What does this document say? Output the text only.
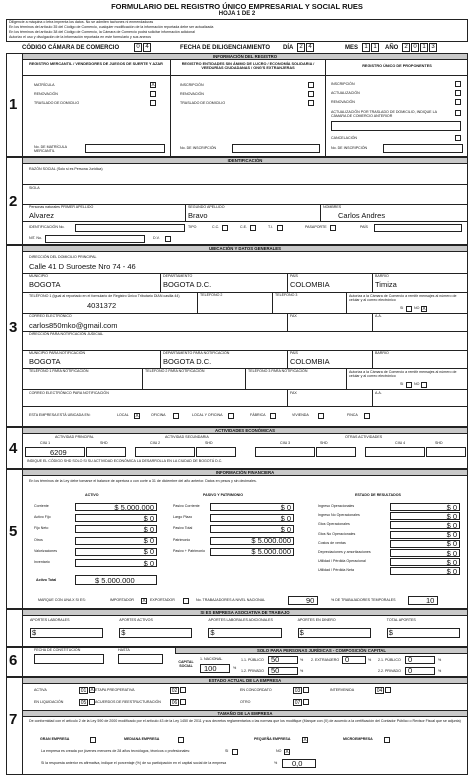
FORMULARIO DEL REGISTRO ÚNICO EMPRESARIAL Y SOCIAL RUES
HOJA 1 DE 2
Diligencie a máquina o letra imprenta los datos. No se admiten tachones ni enmendaduras
En los términos del artículo 35 del Código de Comercio, cualquier modificación de la información reportada debe ser actualizada
En los términos del artículo 38 del Código de Comercio, la Cámara de Comercio podrá solicitar información adicional
Autorizo el uso y divulgación de la información reportada en este formulario y sus anexos
CÓDIGO CÁMARA DE COMERCIO	0 4	FECHA DE DILIGENCIAMIENTO DÍA 2 4	MES	1 1	AÑO 2 0 1 3
1
INFORMACIÓN DEL REGISTRO
REGISTRO MERCANTIL / VENDEDORES DE JUEGOS DE SUERTE Y AZAR	REGISTRO ENTIDADES SIN ÁNIMO DE LUCRO / ECONOMÍA SOLIDARIA / VEEDURÍAS CIUDADANAS / ONG'S EXTRANJERAS	REGISTRO ÚNICO DE PROPONENTES
MATRÍCULA	X
RENOVACIÓN
TRASLADO DE DOMICILIO
INSCRIPCIÓN
RENOVACIÓN
TRASLADO DE DOMICILIO
INSCRIPCIÓN
ACTUALIZACIÓN
RENOVACIÓN
ACTUALIZACIÓN POR TRASLADO DE DOMICILIO, INDIQUE LA CÁMARA DE COMERCIO ANTERIOR
CANCELACIÓN
No. DE MATRÍCULA MERCANTIL
No. DE INSCRIPCIÓN	No. DE INSCRIPCIÓN
2
IDENTIFICACIÓN
RAZÓN SOCIAL (Solo si es Persona Jurídica)
SIGLA
Personas naturales PRIMER APELLIDO
Alvarez
SEGUNDO APELLIDO
Bravo
NOMBRES
Carlos Andres
IDENTIFICACIÓN No.	TIPO	C.C.	C.E.	T.I.	PASAPORTE	PAÍS
NIT. No.	D.V.
3
UBICACIÓN Y DATOS GENERALES
DIRECCIÓN DEL DOMICILIO PRINCIPAL
Calle 41 D Suroeste Nro 74 - 46
MUNICIPIO
BOGOTA
DEPARTAMENTO
BOGOTA D.C.
PAÍS
COLOMBIA
BARRIO
Timiza
TELÉFONO 1 (Igual al reportado en el formulario de Registro Único Tributario DIAN casilla 44)
4031372
TELÉFONO 2	TELÉFONO 3	Autoriza a la Cámara de Comercio a remitir mensajes al número de celular y al correo electrónico
SI	NO X
CORREO ELECTRÓNICO
carlos850mko@gmail.com
FAX	A.A.
DIRECCIÓN PARA NOTIFICACIÓN JUDICIAL
MUNICIPIO PARA NOTIFICACIÓN
BOGOTA
DEPARTAMENTO PARA NOTIFICACIÓN
BOGOTA D.C.
PAÍS
COLOMBIA
BARRIO
TELÉFONO 1 PARA NOTIFICACIÓN	TELÉFONO 2 PARA NOTIFICACIÓN	TELÉFONO 3 PARA NOTIFICACIÓN	Autoriza a la Cámara de Comercio a remitir mensajes al número de celular y al correo electrónico
SI	NO
CORREO ELECTRÓNICO PARA NOTIFICACIÓN	FAX	A.A.
ESTA EMPRESA ESTÁ UBICADA EN:	LOCAL X	OFICINA	LOCAL Y OFICINA	FÁBRICA	VIVIENDA	FINCA
4
ACTIVIDADES ECONÓMICAS
ACTIVIDAD PRINCIPAL	ACTIVIDAD SECUNDARIA	OTRAS ACTIVIDADES
CIIU 1	SHD	CIIU 2	SHD	CIIU 3	SHD	CIIU 4	SHD
6209
INDIQUE EL CÓDIGO SHD SOLO SI SU ACTIVIDAD ECONÓMICA LA DESARROLLA EN LA CIUDAD DE BOGOTÁ D.C.
5
INFORMACIÓN FINANCIERA
En los términos de la Ley debe tomarse el balance de apertura o con corte a 31 de diciembre del año anterior. Datos en pesos y sin decimales.
ACTIVO	PASIVO Y PATRIMONIO	ESTADO DE RESULTADOS
Activo Total	$ 5.000.000
MARQUE CON UNA X SI ES:	IMPORTADOR X	EXPORTADOR	No. TRABAJADORES A NIVEL NACIONAL	90	% DE TRABAJADORES TEMPORALES	10
SI ES EMPRESA ASOCIATIVA DE TRABAJO
6
FECHA DE CONSTITUCIÓN	HASTA	SOLO PARA PERSONAS JURÍDICAS - COMPOSICIÓN CAPITAL
CAPITAL SOCIAL
1. NACIONAL
100	%
1.1. PÚBLICO 50	%
1.2. PRIVADO 50	%
2. EXTRANJERO 0	% 2.1. PÚBLICO 0	%
2.2. PRIVADO 0	%
7
ESTADO ACTUAL DE LA EMPRESA
TAMAÑO DE LA EMPRESA
De conformidad con el artículo 2 de la Ley 590 de 2000 modificado por el artículo 43 de la Ley 1450 de 2011 y sus decretos reglamentarios o las normas que los modifique (Marque con (X) de acuerdo a la certificación del Contador Público o Revisor Fiscal que se adjunta)
GRAN EMPRESA	MEDIANA EMPRESA	PEQUEÑA EMPRESA	X	MICROEMPRESA
La empresa es creada por jóvenes menores de 28 años tecnólogos, técnicos o profesionales:	SI	NO X
Si la respuesta anterior es afirmativa, indique el porcentaje (%) de su participación en el capital social de la empresa	% 0,0
Corriente	$ 5.000.000
Activo Fijo	$ 0
Fijo Neto	$ 0
Otros	$ 0
Valorizaciones	$ 0
Inventario	$ 0
Pasivo Corriente	$ 0
Largo Plazo	$ 0
Pasivo Total	$ 0
Patrimonio	$ 5.000.000
Pasivo + Patrimonio	$ 5.000.000
Ingreso Operacionales	$ 0
Ingreso No Operacionales	$ 0
Gtos Operacionales	$ 0
Gtos No Operacionales	$ 0
Costos de ventas	$ 0
Depreciaciones y amortizaciones	$ 0
Utilidad / Pérdida Operacional	$ 0
Utilidad / Pérdida Neta	$ 0
APORTES LABORALES
$
APORTES ACTIVOS
$
APORTES LABORALES ADICIONALES
$
APORTES EN DINERO
$
TOTAL APORTES
$
ACTIVA	01 X ETAPA PREOPERATIVA	02	EN CONCORDATO	03	INTERVENIDA	04
EN LIQUIDACIÓN	05	ACUERDOS DE REESTRUCTURACIÓN	06	OTRO	07
